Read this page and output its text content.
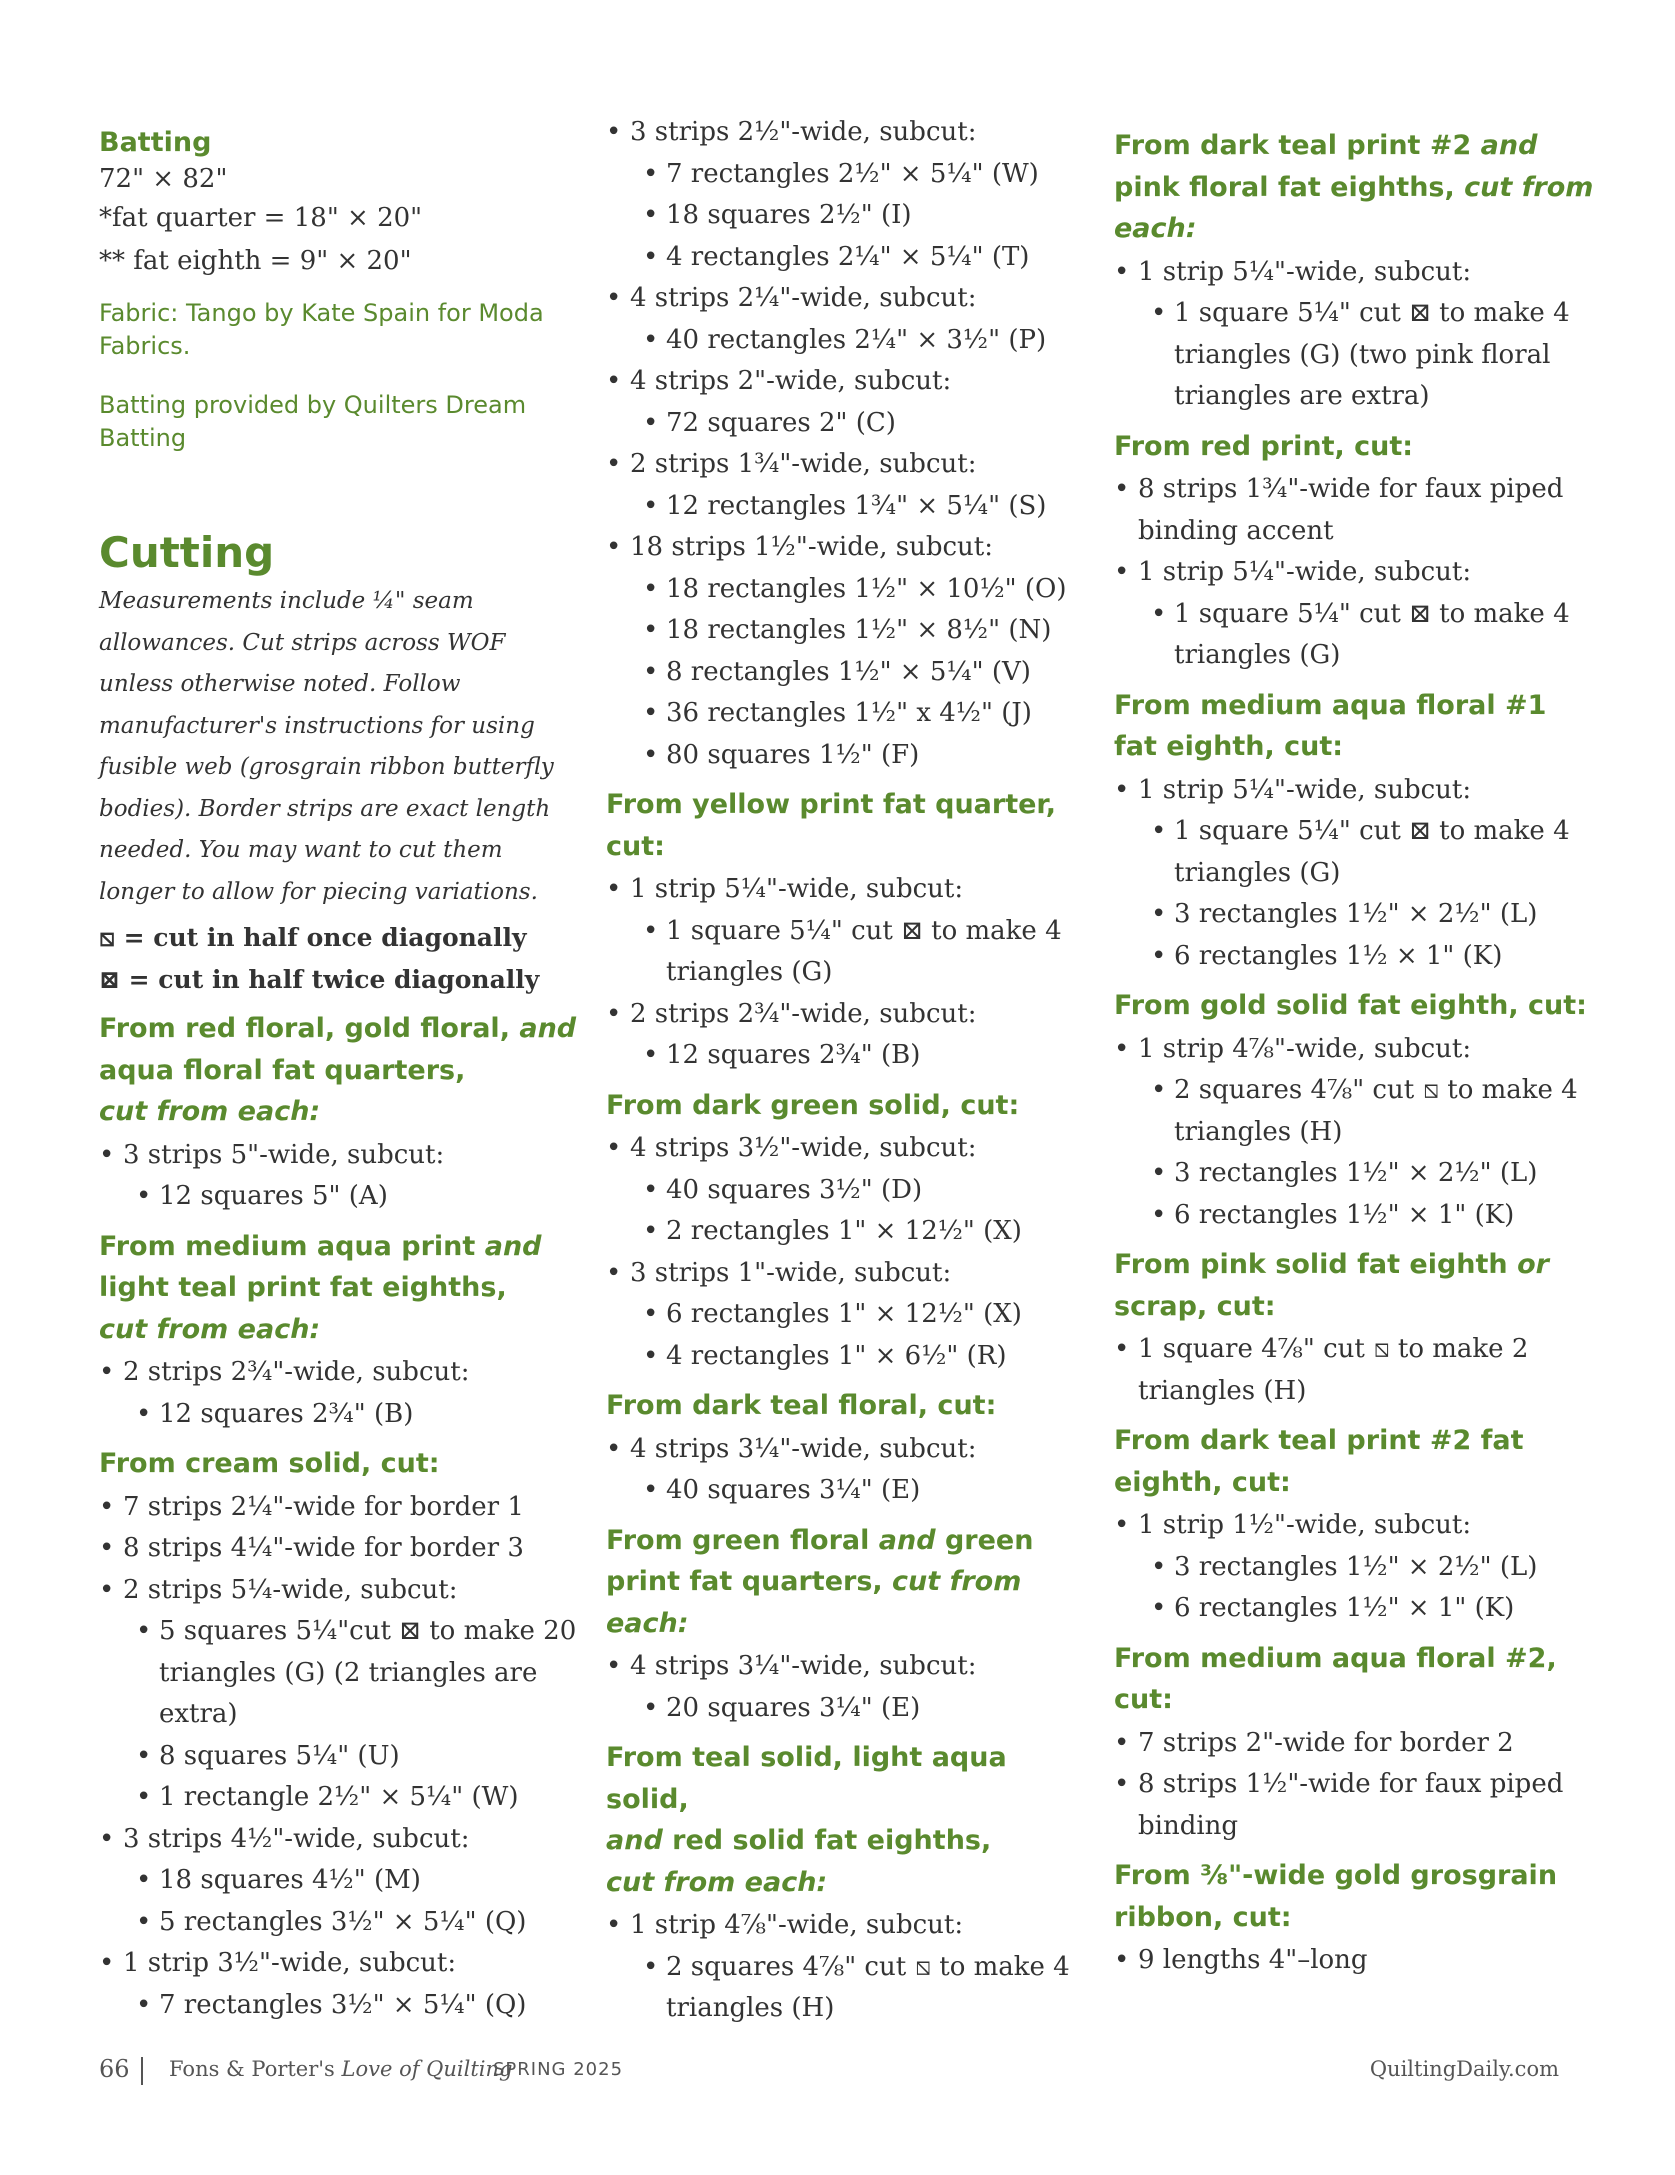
Batting
72" × 82"
*fat quarter = 18" × 20"
** fat eighth = 9" × 20"
Fabric: Tango by Kate Spain for Moda Fabrics.
Batting provided by Quilters Dream Batting
Cutting
Measurements include ¼" seam allowances. Cut strips across WOF unless otherwise noted. Follow manufacturer's instructions for using fusible web (grosgrain ribbon butterfly bodies). Border strips are exact length needed. You may want to cut them longer to allow for piecing variations.
⧅ = cut in half once diagonally
⊠ = cut in half twice diagonally
From red floral, gold floral, and aqua floral fat quarters,
cut from each:
• 3 strips 5"-wide, subcut:
• 12 squares 5" (A)
From medium aqua print and light teal print fat eighths,
cut from each:
• 2 strips 2¾"-wide, subcut:
• 12 squares 2¾" (B)
From cream solid, cut:
• 7 strips 2¼"-wide for border 1
• 8 strips 4¼"-wide for border 3
• 2 strips 5¼-wide, subcut:
• 5 squares 5¼"cut ⊠ to make 20 triangles (G) (2 triangles are extra)
• 8 squares 5¼" (U)
• 1 rectangle 2½" × 5¼" (W)
• 3 strips 4½"-wide, subcut:
• 18 squares 4½" (M)
• 5 rectangles 3½" × 5¼" (Q)
• 1 strip 3½"-wide, subcut:
• 7 rectangles 3½" × 5¼" (Q)
• 3 strips 2½"-wide, subcut:
• 7 rectangles 2½" × 5¼" (W)
• 18 squares 2½" (I)
• 4 rectangles 2¼" × 5¼" (T)
• 4 strips 2¼"-wide, subcut:
• 40 rectangles 2¼" × 3½" (P)
• 4 strips 2"-wide, subcut:
• 72 squares 2" (C)
• 2 strips 1¾"-wide, subcut:
• 12 rectangles 1¾" × 5¼" (S)
• 18 strips 1½"-wide, subcut:
• 18 rectangles 1½" × 10½" (O)
• 18 rectangles 1½" × 8½" (N)
• 8 rectangles 1½" × 5¼" (V)
• 36 rectangles 1½" x 4½" (J)
• 80 squares 1½" (F)
From yellow print fat quarter, cut:
• 1 strip 5¼"-wide, subcut:
• 1 square 5¼" cut ⊠ to make 4 triangles (G)
• 2 strips 2¾"-wide, subcut:
• 12 squares 2¾" (B)
From dark green solid, cut:
• 4 strips 3½"-wide, subcut:
• 40 squares 3½" (D)
• 2 rectangles 1" × 12½" (X)
• 3 strips 1"-wide, subcut:
• 6 rectangles 1" × 12½" (X)
• 4 rectangles 1" × 6½" (R)
From dark teal floral, cut:
• 4 strips 3¼"-wide, subcut:
• 40 squares 3¼" (E)
From green floral and green print fat quarters, cut from each:
• 4 strips 3¼"-wide, subcut:
• 20 squares 3¼" (E)
From teal solid, light aqua solid,
and red solid fat eighths,
cut from each:
• 1 strip 4⅞"-wide, subcut:
• 2 squares 4⅞" cut ⧅ to make 4 triangles (H)
From dark teal print #2 and pink floral fat eighths, cut from each:
• 1 strip 5¼"-wide, subcut:
• 1 square 5¼" cut ⊠ to make 4 triangles (G) (two pink floral triangles are extra)
From red print, cut:
• 8 strips 1¾"-wide for faux piped binding accent
• 1 strip 5¼"-wide, subcut:
• 1 square 5¼" cut ⊠ to make 4 triangles (G)
From medium aqua floral #1 fat eighth, cut:
• 1 strip 5¼"-wide, subcut:
• 1 square 5¼" cut ⊠ to make 4 triangles (G)
• 3 rectangles 1½" × 2½" (L)
• 6 rectangles 1½ × 1" (K)
From gold solid fat eighth, cut:
• 1 strip 4⅞"-wide, subcut:
• 2 squares 4⅞" cut ⧅ to make 4 triangles (H)
• 3 rectangles 1½" × 2½" (L)
• 6 rectangles 1½" × 1" (K)
From pink solid fat eighth or scrap, cut:
• 1 square 4⅞" cut ⧅ to make 2 triangles (H)
From dark teal print #2 fat eighth, cut:
• 1 strip 1½"-wide, subcut:
• 3 rectangles 1½" × 2½" (L)
• 6 rectangles 1½" × 1" (K)
From medium aqua floral #2, cut:
• 7 strips 2"-wide for border 2
• 8 strips 1½"-wide for faux piped binding
From ⅜"-wide gold grosgrain ribbon, cut:
• 9 lengths 4"–long
66 Fons & Porter's Love of Quilting
SPRING 2025	QuiltingDaily.com
